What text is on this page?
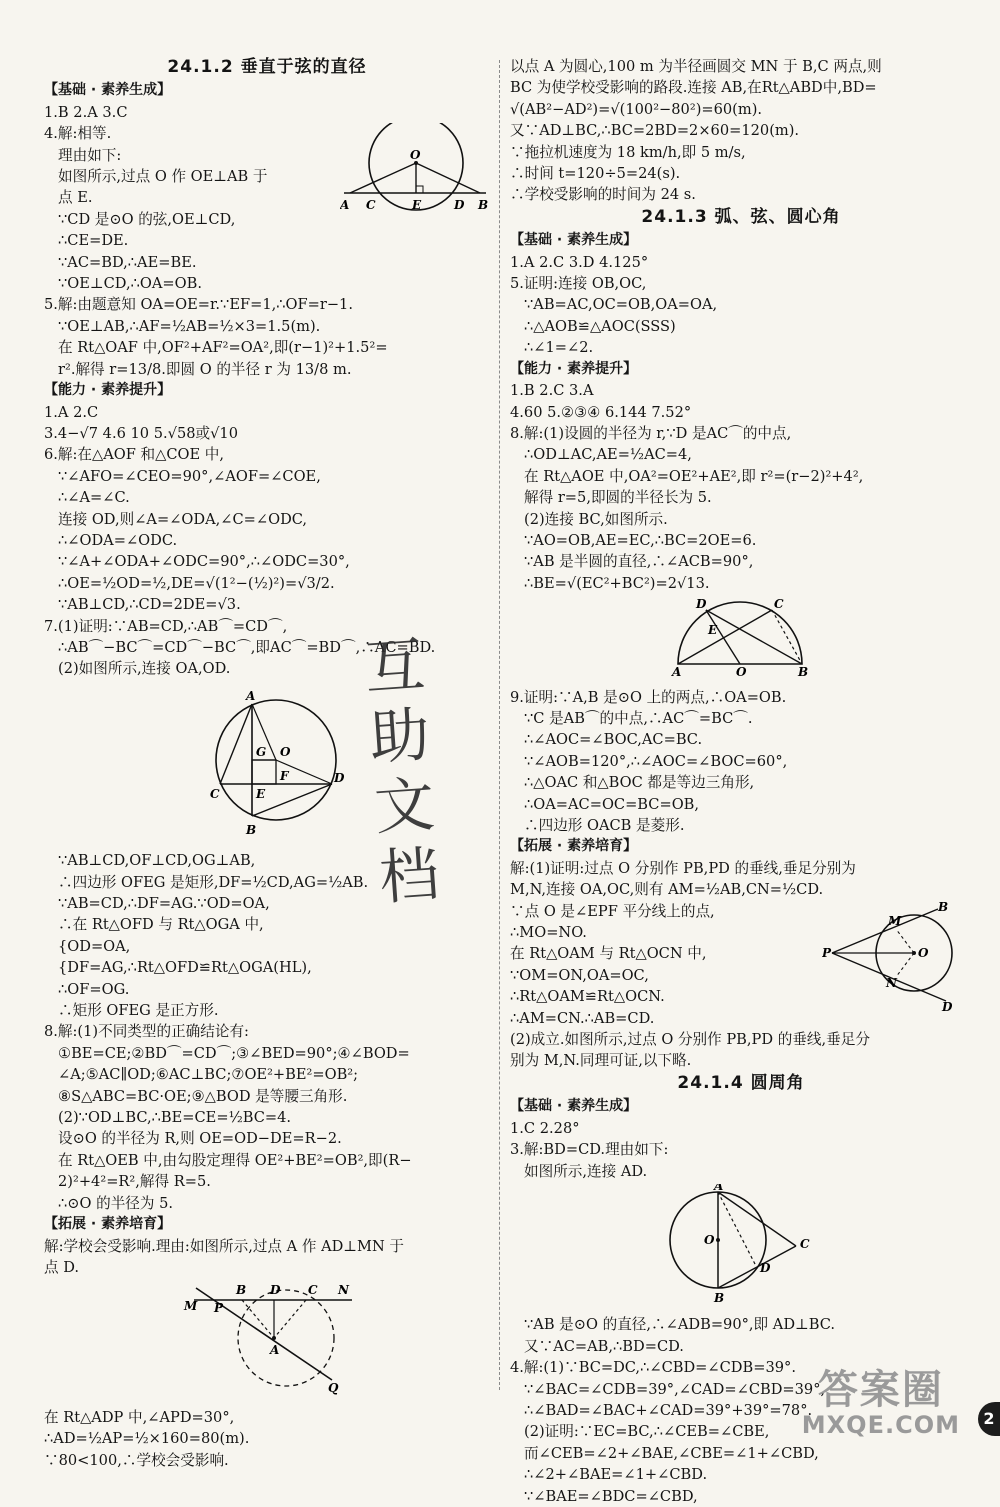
24.1.2 垂直于弦的直径
【基础 · 素养生成】
1.B 2.A 3.C
O
A C	E	D B
4.解:相等.
理由如下:
如图所示,过点 O 作 OE⊥AB 于
点 E.
∵CD 是⊙O 的弦,OE⊥CD,
∴CE=DE.
∵AC=BD,∴AE=BE.
∵OE⊥CD,∴OA=OB.
5.解:由题意知 OA=OE=r.∵EF=1,∴OF=r−1.
∵OE⊥AB,∴AF=½AB=½×3=1.5(m).
在 Rt△OAF 中,OF²+AF²=OA²,即(r−1)²+1.5²=
r².解得 r=13/8.即圆 O 的半径 r 为 13/8 m.
【能力 · 素养提升】
1.A 2.C
3.4−√7 4.6 10 5.√58或√10
6.解:在△AOF 和△COE 中,
∵∠AFO=∠CEO=90°,∠AOF=∠COE,
∴∠A=∠C.
连接 OD,则∠A=∠ODA,∠C=∠ODC,
∴∠ODA=∠ODC.
∵∠A+∠ODA+∠ODC=90°,∴∠ODC=30°,
∴OE=½OD=½,DE=√(1²−(½)²)=√3/2.
∵AB⊥CD,∴CD=2DE=√3.
7.(1)证明:∵AB=CD,∴AB⌒=CD⌒,
∴AB⌒−BC⌒=CD⌒−BC⌒,即AC⌒=BD⌒,∴AC=BD.
(2)如图所示,连接 OA,OD.
A
G O
F
C	E
D
B
∵AB⊥CD,OF⊥CD,OG⊥AB,
∴四边形 OFEG 是矩形,DF=½CD,AG=½AB.
∵AB=CD,∴DF=AG.∵OD=OA,
∴在 Rt△OFD 与 Rt△OGA 中,
{OD=OA,
{DF=AG,∴Rt△OFD≌Rt△OGA(HL),
∴OF=OG.
∴矩形 OFEG 是正方形.
8.解:(1)不同类型的正确结论有:
①BE=CE;②BD⌒=CD⌒;③∠BED=90°;④∠BOD=
∠A;⑤AC∥OD;⑥AC⊥BC;⑦OE²+BE²=OB²;
⑧S△ABC=BC·OE;⑨△BOD 是等腰三角形.
(2)∵OD⊥BC,∴BE=CE=½BC=4.
设⊙O 的半径为 R,则 OE=OD−DE=R−2.
在 Rt△OEB 中,由勾股定理得 OE²+BE²=OB²,即(R−
2)²+4²=R²,解得 R=5.
∴⊙O 的半径为 5.
【拓展 · 素养培育】
解:学校会受影响.理由:如图所示,过点 A 作 AD⊥MN 于
点 D.
M P
B D C N
A
Q
在 Rt△ADP 中,∠APD=30°,
∴AD=½AP=½×160=80(m).
∵80<100,∴学校会受影响.
以点 A 为圆心,100 m 为半径画圆交 MN 于 B,C 两点,则
BC 为使学校受影响的路段.连接 AB,在Rt△ABD中,BD=
√(AB²−AD²)=√(100²−80²)=60(m).
又∵AD⊥BC,∴BC=2BD=2×60=120(m).
∵拖拉机速度为 18 km/h,即 5 m/s,
∴时间 t=120÷5=24(s).
∴学校受影响的时间为 24 s.
24.1.3 弧、弦、圆心角
【基础 · 素养生成】
1.A 2.C 3.D 4.125°
5.证明:连接 OB,OC,
∵AB=AC,OC=OB,OA=OA,
∴△AOB≌△AOC(SSS)
∴∠1=∠2.
【能力 · 素养提升】
1.B 2.C 3.A
4.60 5.②③④ 6.144 7.52°
8.解:(1)设圆的半径为 r,∵D 是AC⌒的中点,
∴OD⊥AC,AE=½AC=4,
在 Rt△AOE 中,OA²=OE²+AE²,即 r²=(r−2)²+4²,
解得 r=5,即圆的半径长为 5.
(2)连接 BC,如图所示.
∵AO=OB,AE=EC,∴BC=2OE=6.
∵AB 是半圆的直径,∴∠ACB=90°,
∴BE=√(EC²+BC²)=2√13.
D	C
E
A	O	B
9.证明:∵A,B 是⊙O 上的两点,∴OA=OB.
∵C 是AB⌒的中点,∴AC⌒=BC⌒.
∴∠AOC=∠BOC,AC=BC.
∵∠AOB=120°,∴∠AOC=∠BOC=60°,
∴△OAC 和△BOC 都是等边三角形,
∴OA=AC=OC=BC=OB,
∴四边形 OACB 是菱形.
【拓展 · 素养培育】
解:(1)证明:过点 O 分别作 PB,PD 的垂线,垂足分别为
M,N,连接 OA,OC,则有 AM=½AB,CN=½CD.
P
B
M
O
N
D
∵点 O 是∠EPF 平分线上的点,
∴MO=NO.
在 Rt△OAM 与 Rt△OCN 中,
∵OM=ON,OA=OC,
∴Rt△OAM≌Rt△OCN.
∴AM=CN.∴AB=CD.
(2)成立.如图所示,过点 O 分别作 PB,PD 的垂线,垂足分
别为 M,N.同理可证,以下略.
24.1.4 圆周角
【基础 · 素养生成】
1.C 2.28°
3.解:BD=CD.理由如下:
如图所示,连接 AD.
A
O	C
D
B
∵AB 是⊙O 的直径,∴∠ADB=90°,即 AD⊥BC.
又∵AC=AB,∴BD=CD.
4.解:(1)∵BC=DC,∴∠CBD=∠CDB=39°.
∵∠BAC=∠CDB=39°,∠CAD=∠CBD=39°,
∴∠BAD=∠BAC+∠CAD=39°+39°=78°.
(2)证明:∵EC=BC,∴∠CEB=∠CBE,
而∠CEB=∠2+∠BAE,∠CBE=∠1+∠CBD,
∴∠2+∠BAE=∠1+∠CBD.
∵∠BAE=∠BDC=∠CBD,
互
助
文
档
答案圈
MXQE.COM	2
